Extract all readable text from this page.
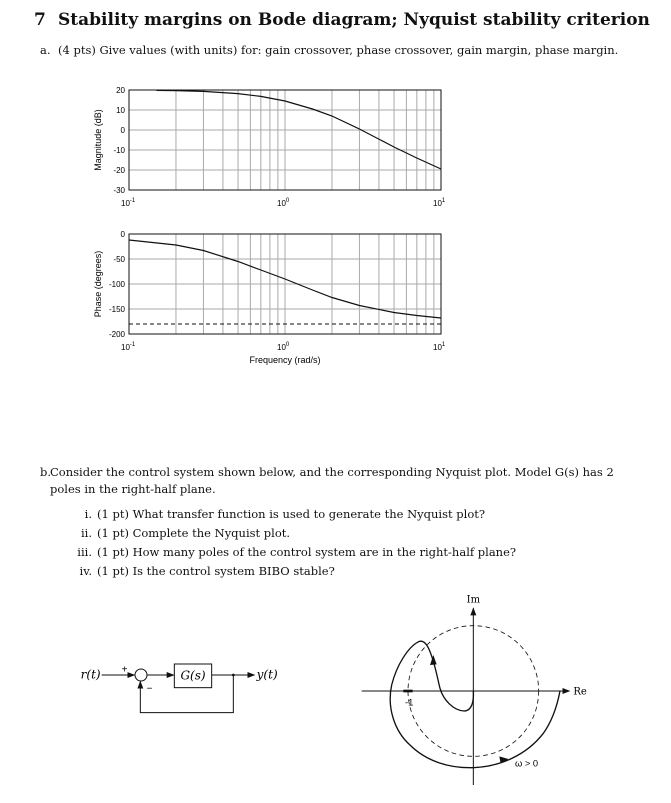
7 Stability margins on Bode diagram; Nyquist stability criterion
a. (4 pts) Give values (with units) for: gain crossover, phase crossover, gain margin, phase margin.
20
10
0
-10
-20
-30
$10^{-1}$	$10^0$	$10^1$
Magnitude (dB)
0
-50
-100
-150
-200
$10^{-1}$	$10^0$	$10^1$
Phase (degrees)
Frequency (rad/s)
b.
Consider the control system shown below, and the corresponding Nyquist plot. Model G(s) has 2
poles in the right-half plane.
i. (1 pt) What transfer function is used to generate the Nyquist plot?
ii. (1 pt) Complete the Nyquist plot.
iii. (1 pt) How many poles of the control system are in the right-half plane?
iv. (1 pt) Is the control system BIBO stable?
r(t) +
−
G(s) y(t)
Re
Im
-1
ω > 0
